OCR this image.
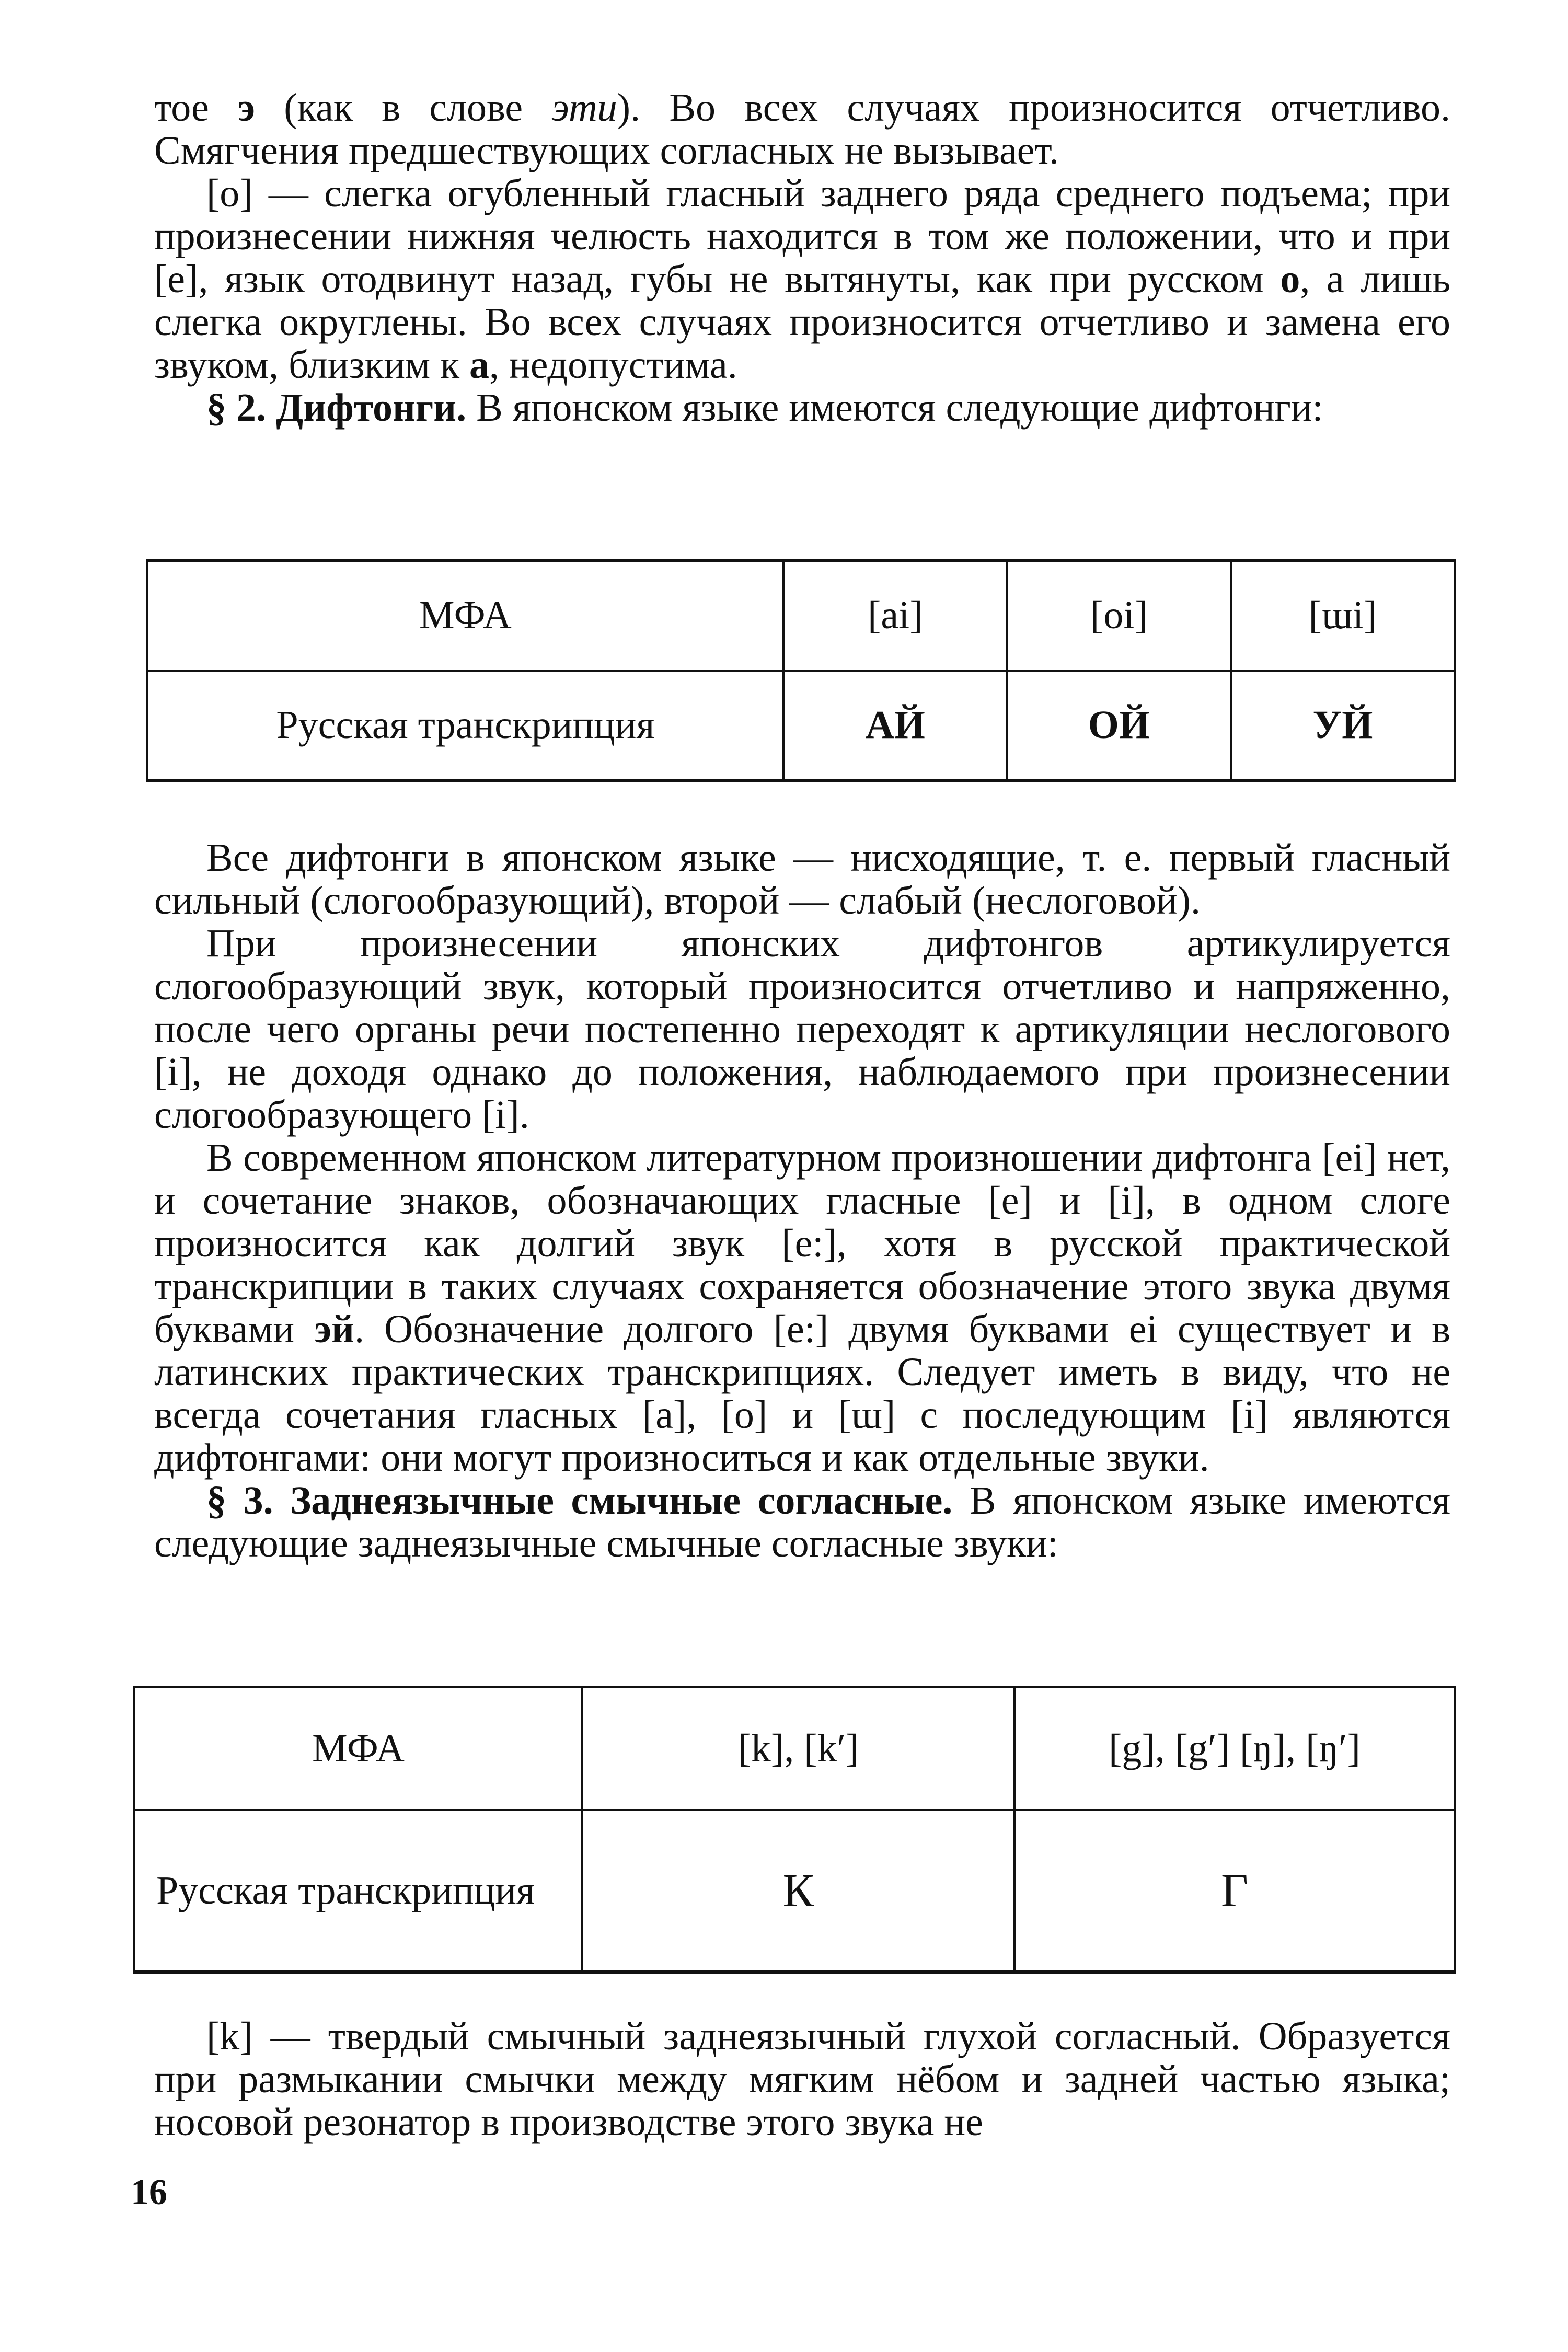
тое э (как в слове эти). Во всех случаях произносится отчетливо. Смягчения предшествующих согласных не вызывает.

[o] — слегка огубленный гласный заднего ряда среднего подъема; при произнесении нижняя челюсть находится в том же положении, что и при [e], язык отодвинут назад, губы не вытянуты, как при русском о, а лишь слегка округлены. Во всех случаях произносится отчетливо и замена его звуком, близким к а, недопустима.

§ 2. Дифтонги. В японском языке имеются следующие дифтонги:

МФА	[ai]	[oi]	[ɯi]
Русская транскрипция	АЙ	ОЙ	УЙ

Все дифтонги в японском языке — нисходящие, т. е. первый гласный сильный (слогообразующий), второй — слабый (неслоговой).

При произнесении японских дифтонгов артикулируется слогообразующий звук, который произносится отчетливо и напряженно, после чего органы речи постепенно переходят к артикуляции неслогового [i], не доходя однако до положения, наблюдаемого при произнесении слогообразующего [i].

В современном японском литературном произношении дифтонга [ei] нет, и сочетание знаков, обозначающих гласные [e] и [i], в одном слоге произносится как долгий звук [e:], хотя в русской практической транскрипции в таких случаях сохраняется обозначение этого звука двумя буквами эй. Обозначение долгого [e:] двумя буквами ei существует и в латинских практических транскрипциях. Следует иметь в виду, что не всегда сочетания гласных [a], [o] и [ɯ] с последующим [i] являются дифтонгами: они могут произноситься и как отдельные звуки.

§ 3. Заднеязычные смычные согласные. В японском языке имеются следующие заднеязычные смычные согласные звуки:

МФА	[k], [k′]	[g], [g′] [ŋ], [ŋ′]
Русская транскрипция	К	Г

[k] — твердый смычный заднеязычный глухой согласный. Образуется при размыкании смычки между мягким нёбом и задней частью языка; носовой резонатор в производстве этого звука не

16
